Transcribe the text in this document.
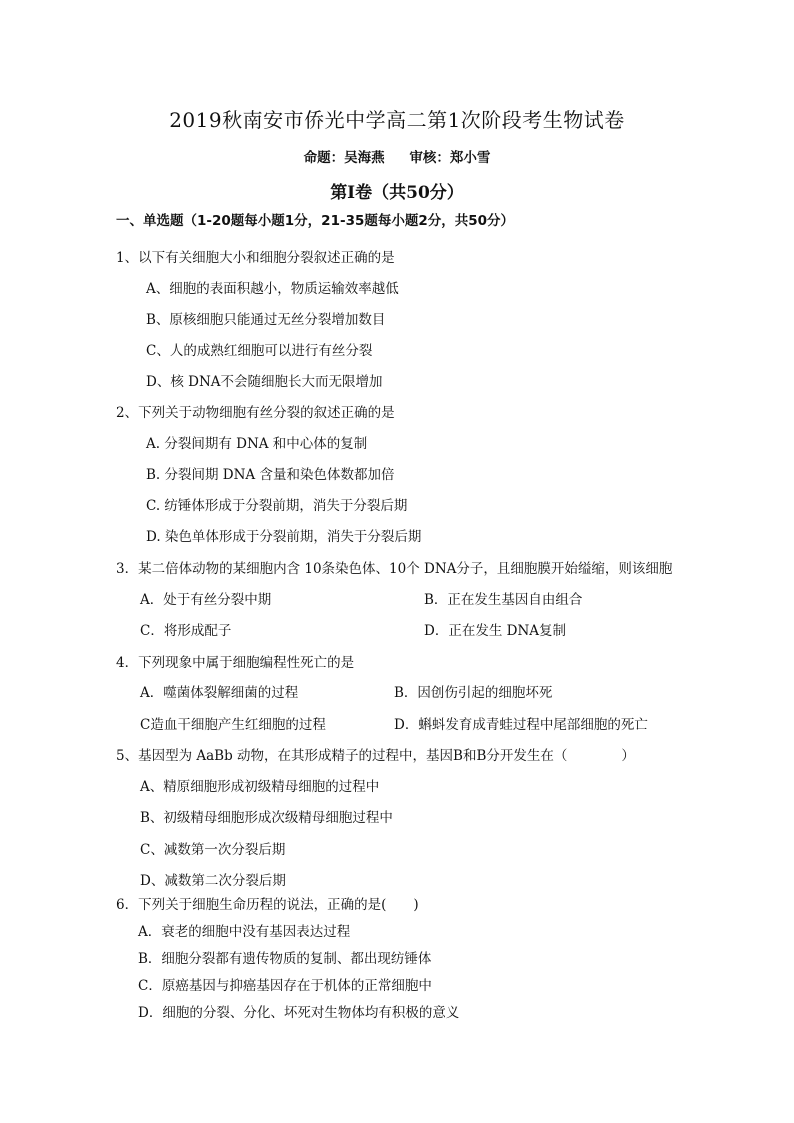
2019秋南安市侨光中学高二第1次阶段考生物试卷
命题：吴海燕 审核：郑小雪
第Ⅰ卷（共50分）
一、单选题（1-20题每小题1分，21-35题每小题2分，共50分）
1、以下有关细胞大小和细胞分裂叙述正确的是
A、细胞的表面积越小，物质运输效率越低
B、原核细胞只能通过无丝分裂增加数目
C、人的成熟红细胞可以进行有丝分裂
D、核 DNA不会随细胞长大而无限增加
2、下列关于动物细胞有丝分裂的叙述正确的是
A. 分裂间期有 DNA 和中心体的复制
B. 分裂间期 DNA 含量和染色体数都加倍
C. 纺锤体形成于分裂前期，消失于分裂后期
D. 染色单体形成于分裂前期，消失于分裂后期
3．某二倍体动物的某细胞内含 10条染色体、10个 DNA分子，且细胞膜开始缢缩，则该细胞
A．处于有丝分裂中期	B．正在发生基因自由组合
C．将形成配子	D．正在发生 DNA复制
4．下列现象中属于细胞编程性死亡的是
A．噬菌体裂解细菌的过程	B．因创伤引起的细胞坏死
C造血干细胞产生红细胞的过程	D．蝌蚪发育成青蛙过程中尾部细胞的死亡
5、基因型为 AaBb 动物，在其形成精子的过程中，基因B和B分开发生在（　　　　）
A、精原细胞形成初级精母细胞的过程中
B、初级精母细胞形成次级精母细胞过程中
C、减数第一次分裂后期
D、减数第二次分裂后期
6．下列关于细胞生命历程的说法，正确的是(　　)
A．衰老的细胞中没有基因表达过程
B．细胞分裂都有遗传物质的复制、都出现纺锤体
C．原癌基因与抑癌基因存在于机体的正常细胞中
D．细胞的分裂、分化、坏死对生物体均有积极的意义
